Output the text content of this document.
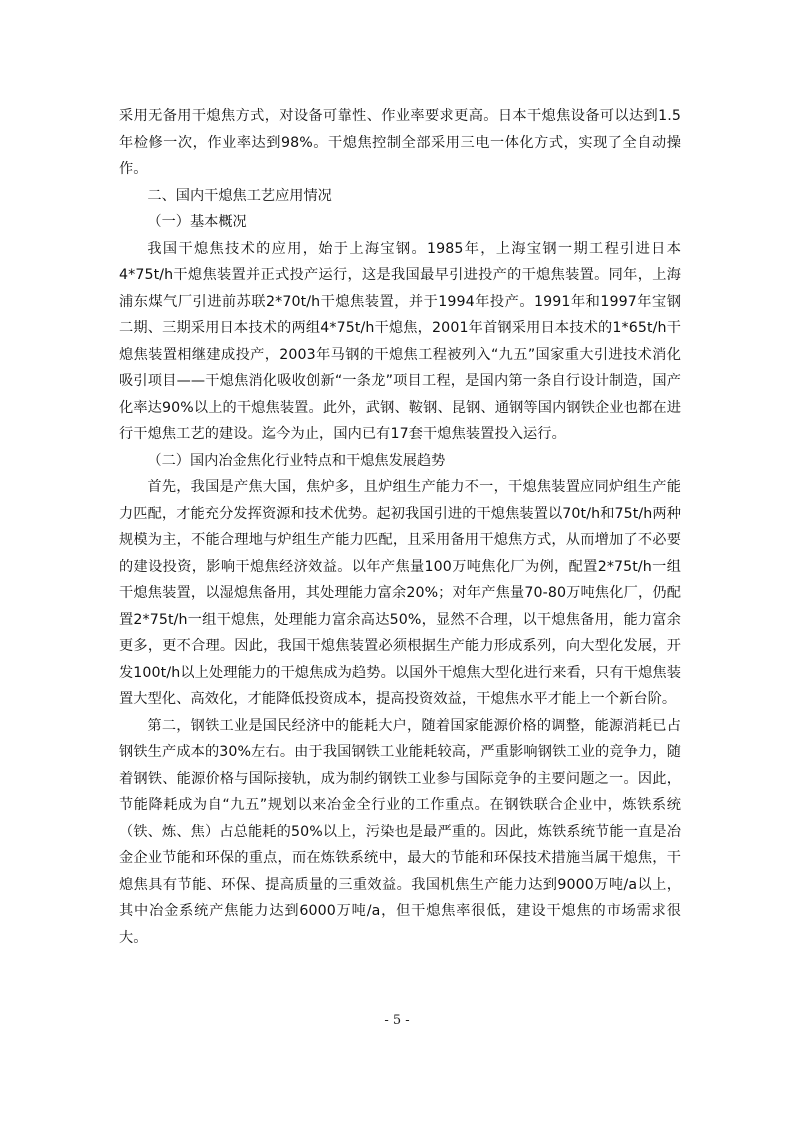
采用无备用干熄焦方式，对设备可靠性、作业率要求更高。日本干熄焦设备可以达到1.5年检修一次，作业率达到98%。干熄焦控制全部采用三电一体化方式，实现了全自动操作。

二、国内干熄焦工艺应用情况

（一）基本概况

我国干熄焦技术的应用，始于上海宝钢。1985年，上海宝钢一期工程引进日本4*75t/h干熄焦装置并正式投产运行，这是我国最早引进投产的干熄焦装置。同年，上海浦东煤气厂引进前苏联2*70t/h干熄焦装置，并于1994年投产。1991年和1997年宝钢二期、三期采用日本技术的两组4*75t/h干熄焦，2001年首钢采用日本技术的1*65t/h干熄焦装置相继建成投产，2003年马钢的干熄焦工程被列入“九五”国家重大引进技术消化吸引项目——干熄焦消化吸收创新“一条龙”项目工程，是国内第一条自行设计制造，国产化率达90%以上的干熄焦装置。此外，武钢、鞍钢、昆钢、通钢等国内钢铁企业也都在进行干熄焦工艺的建设。迄今为止，国内已有17套干熄焦装置投入运行。

（二）国内冶金焦化行业特点和干熄焦发展趋势

首先，我国是产焦大国，焦炉多，且炉组生产能力不一，干熄焦装置应同炉组生产能力匹配，才能充分发挥资源和技术优势。起初我国引进的干熄焦装置以70t/h和75t/h两种规模为主，不能合理地与炉组生产能力匹配，且采用备用干熄焦方式，从而增加了不必要的建设投资，影响干熄焦经济效益。以年产焦量100万吨焦化厂为例，配置2*75t/h一组干熄焦装置，以湿熄焦备用，其处理能力富余20%；对年产焦量70-80万吨焦化厂，仍配置2*75t/h一组干熄焦，处理能力富余高达50%，显然不合理，以干熄焦备用，能力富余更多，更不合理。因此，我国干熄焦装置必须根据生产能力形成系列，向大型化发展，开发100t/h以上处理能力的干熄焦成为趋势。以国外干熄焦大型化进行来看，只有干熄焦装置大型化、高效化，才能降低投资成本，提高投资效益，干熄焦水平才能上一个新台阶。

第二，钢铁工业是国民经济中的能耗大户，随着国家能源价格的调整，能源消耗已占钢铁生产成本的30%左右。由于我国钢铁工业能耗较高，严重影响钢铁工业的竞争力，随着钢铁、能源价格与国际接轨，成为制约钢铁工业参与国际竞争的主要问题之一。因此，节能降耗成为自“九五”规划以来冶金全行业的工作重点。在钢铁联合企业中，炼铁系统（铁、炼、焦）占总能耗的50%以上，污染也是最严重的。因此，炼铁系统节能一直是冶金企业节能和环保的重点，而在炼铁系统中，最大的节能和环保技术措施当属干熄焦，干熄焦具有节能、环保、提高质量的三重效益。我国机焦生产能力达到9000万吨/a以上，其中冶金系统产焦能力达到6000万吨/a，但干熄焦率很低，建设干熄焦的市场需求很大。

- 5 -
